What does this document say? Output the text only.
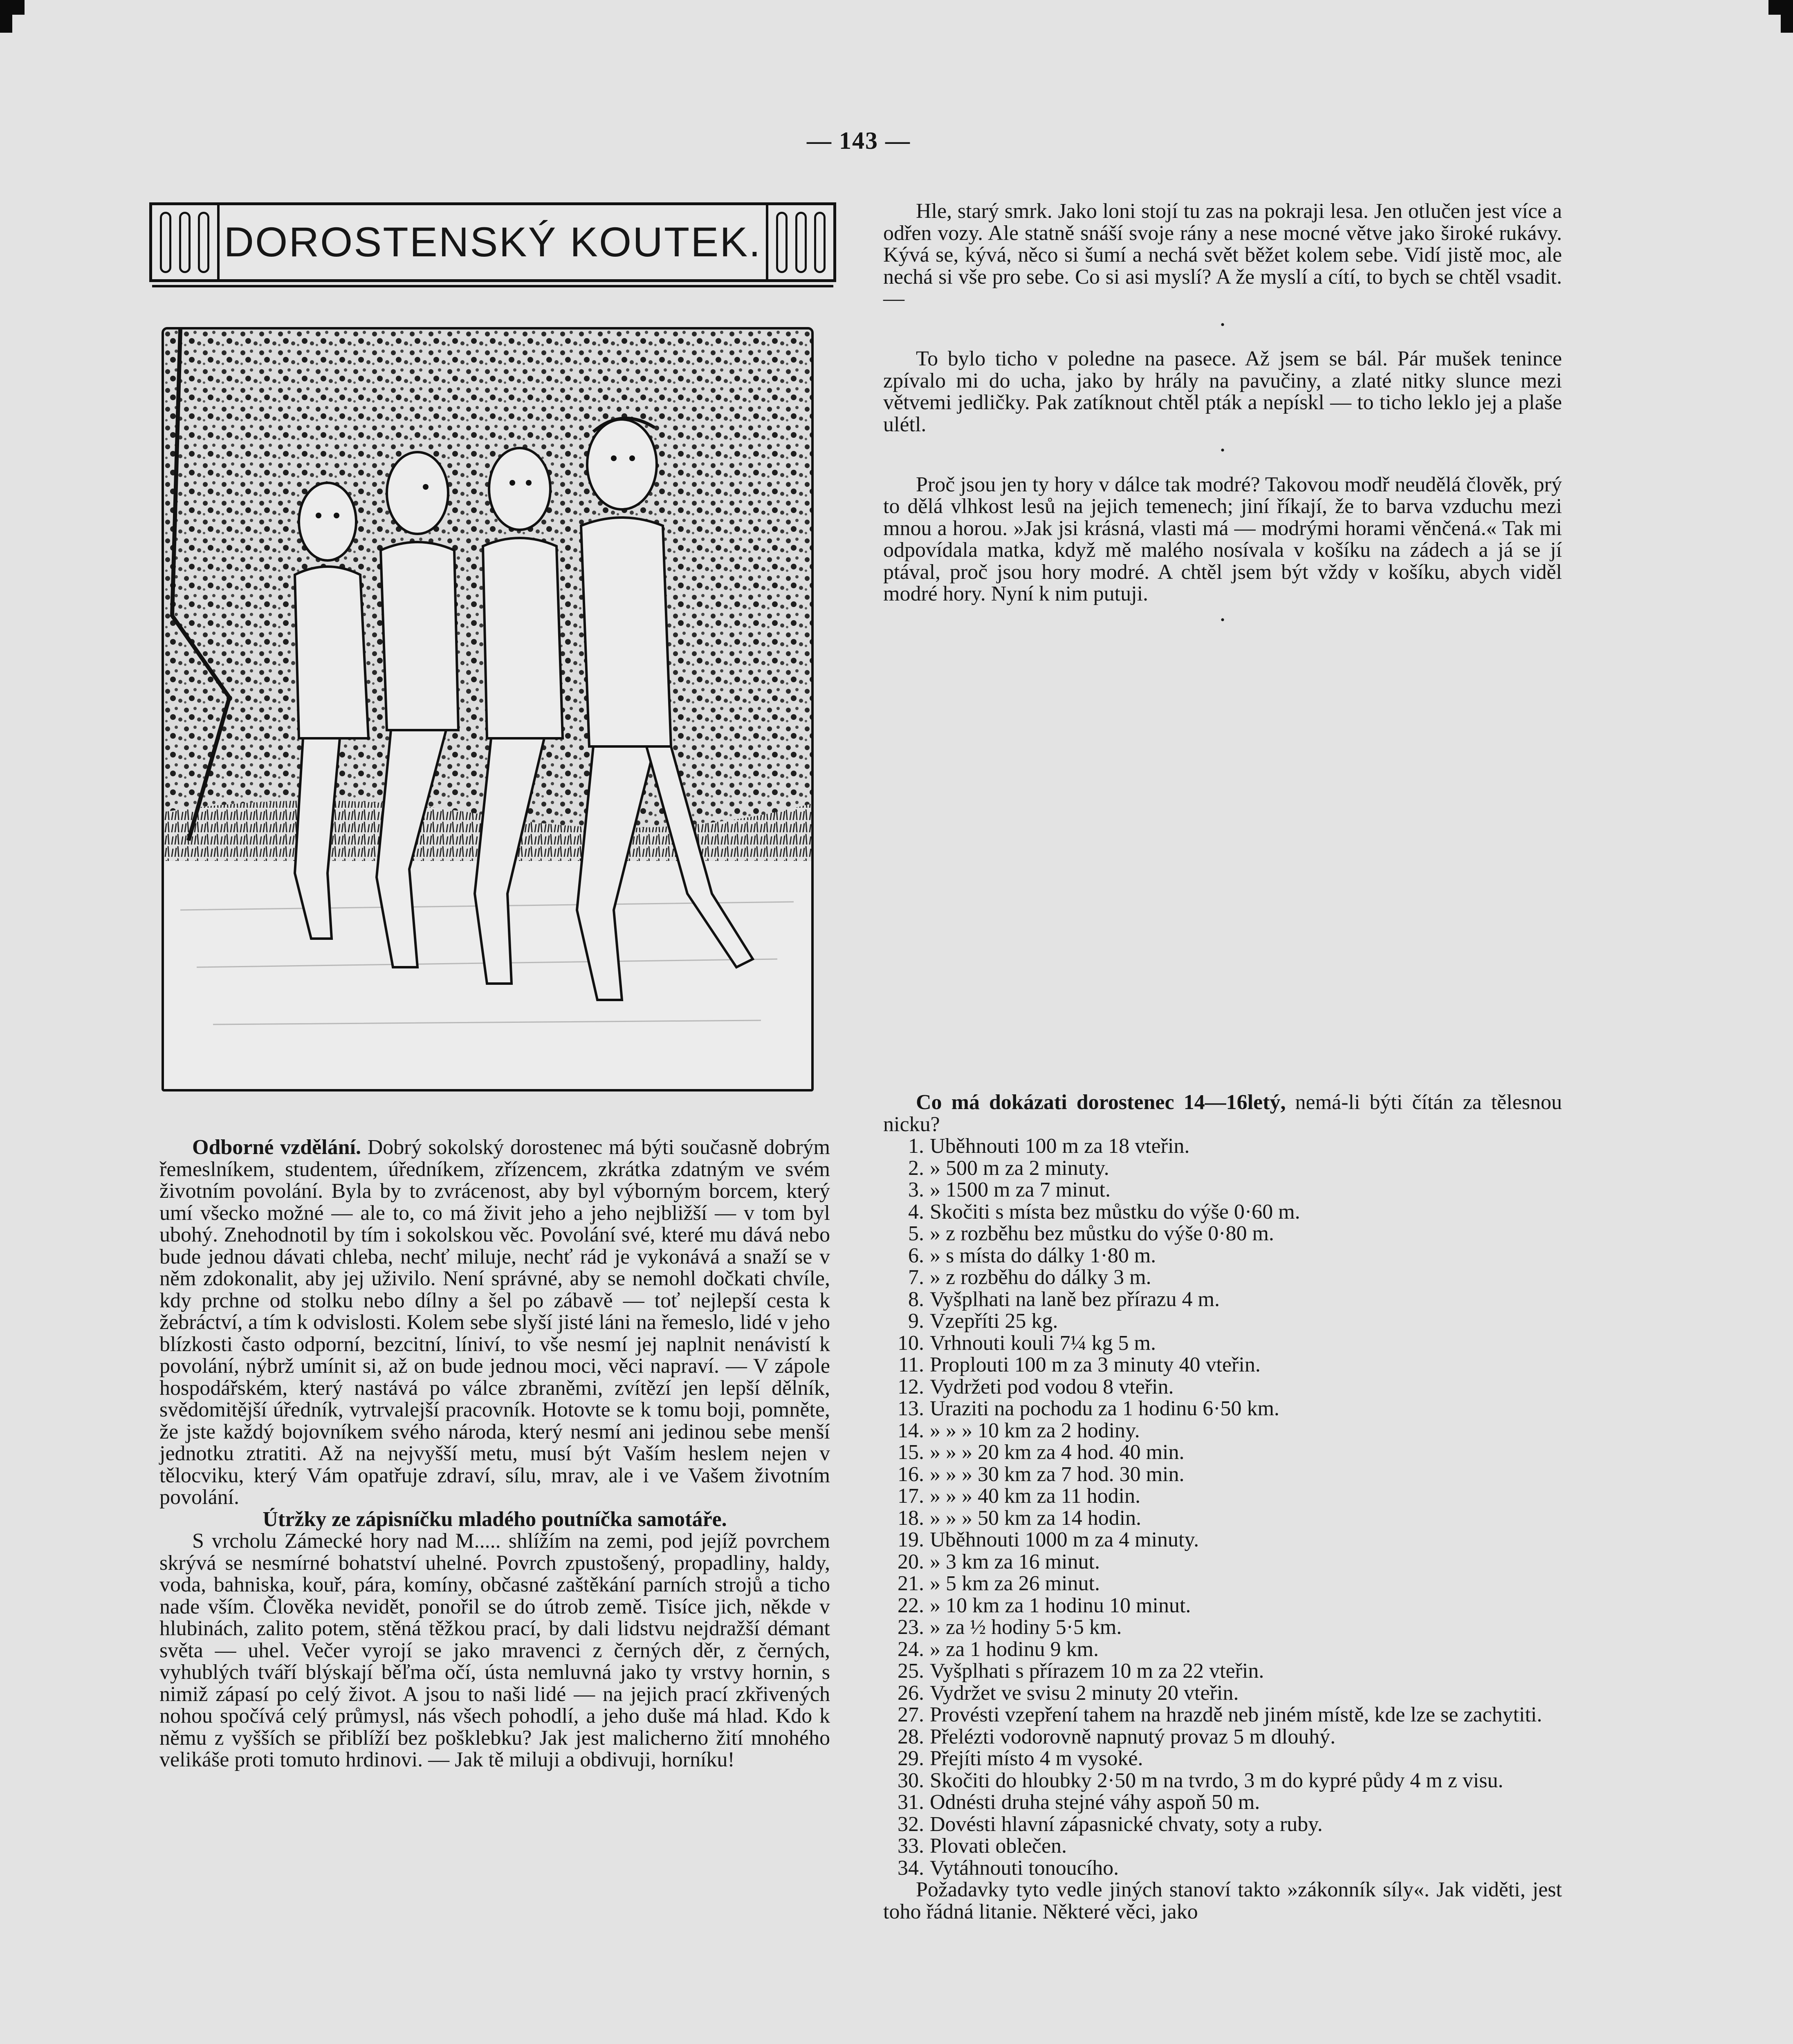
— 143 —
DOROSTENSKÝ KOUTEK.

Hle, starý smrk. Jako loni stojí tu zas na pokraji lesa. Jen otlučen jest více a odřen vozy. Ale statně snáší svoje rány a nese mocné větve jako široké rukávy. Kývá se, kývá, něco si šumí a nechá svět běžet kolem sebe. Vidí jistě moc, ale nechá si vše pro sebe. Co si asi myslí? A že myslí a cítí, to bych se chtěl vsadit. —

•

To bylo ticho v poledne na pasece. Až jsem se bál. Pár mušek tenince zpívalo mi do ucha, jako by hrály na pavučiny, a zlaté nitky slunce mezi větvemi jedličky. Pak zatíknout chtěl pták a nepískl — to ticho leklo jej a plaše ulétl.

•

Proč jsou jen ty hory v dálce tak modré? Takovou modř neudělá člověk, prý to dělá vlhkost lesů na jejich temenech; jiní říkají, že to barva vzduchu mezi mnou a horou. »Jak jsi krásná, vlasti má — modrými horami věnčená.« Tak mi odpovídala matka, když mě malého nosívala v košíku na zádech a já se jí ptával, proč jsou hory modré. A chtěl jsem být vždy v košíku, abych viděl modré hory. Nyní k nim putuji.

•

Odborné vzdělání. Dobrý sokolský dorostenec má býti současně dobrým řemeslníkem, studentem, úředníkem, zřízencem, zkrátka zdatným ve svém životním povolání. Byla by to zvrácenost, aby byl výborným borcem, který umí všecko možné — ale to, co má živit jeho a jeho nejbližší — v tom byl ubohý. Znehodnotil by tím i sokolskou věc. Povolání své, které mu dává nebo bude jednou dávati chleba, nechť miluje, nechť rád je vykonává a snaží se v něm zdokonalit, aby jej uživilo. Není správné, aby se nemohl dočkati chvíle, kdy prchne od stolku nebo dílny a šel po zábavě — toť nejlepší cesta k žebráctví, a tím k odvislosti. Kolem sebe slyší jisté láni na řemeslo, lidé v jeho blízkosti často odporní, bezcitní, líniví, to vše nesmí jej naplnit nenávistí k povolání, nýbrž umínit si, až on bude jednou moci, věci napraví. — V zápole hospodářském, který nastává po válce zbraněmi, zvítězí jen lepší dělník, svědomitější úředník, vytrvalejší pracovník. Hotovte se k tomu boji, pomněte, že jste každý bojovníkem svého národa, který nesmí ani jedinou sebe menší jednotku ztratiti. Až na nejvyšší metu, musí být Vaším heslem nejen v tělocviku, který Vám opatřuje zdraví, sílu, mrav, ale i ve Vašem životním povolání.

Útržky ze zápisníčku mladého poutníčka samotáře.

S vrcholu Zámecké hory nad M..... shlížím na zemi, pod jejíž povrchem skrývá se nesmírné bohatství uhelné. Povrch zpustošený, propadliny, haldy, voda, bahniska, kouř, pára, komíny, občasné zaštěkání parních strojů a ticho nade vším. Člověka nevidět, ponořil se do útrob země. Tisíce jich, někde v hlubinách, zalito potem, stěná těžkou prací, by dali lidstvu nejdražší démant světa — uhel. Večer vyrojí se jako mravenci z černých děr, z černých, vyhublých tváří blýskají běľma očí, ústa nemluvná jako ty vrstvy hornin, s nimiž zápasí po celý život. A jsou to naši lidé — na jejich prací zkřivených nohou spočívá celý průmysl, nás všech pohodlí, a jeho duše má hlad. Kdo k němu z vyšších se přiblíží bez pošklebku? Jak jest malicherno žití mnohého velikáše proti tomuto hrdinovi. — Jak tě miluji a obdivuji, horníku!

Co má dokázati dorostenec 14—16letý, nemá-li býti čítán za tělesnou nicku?

1. Uběhnouti 100 m za 18 vteřin.
2. » 500 m za 2 minuty.
3. » 1500 m za 7 minut.
4. Skočiti s místa bez můstku do výše 0·60 m.
5. » z rozběhu bez můstku do výše 0·80 m.
6. » s místa do dálky 1·80 m.
7. » z rozběhu do dálky 3 m.
8. Vyšplhati na laně bez přírazu 4 m.
9. Vzepříti 25 kg.
10. Vrhnouti kouli 7¼ kg 5 m.
11. Proplouti 100 m za 3 minuty 40 vteřin.
12. Vydržeti pod vodou 8 vteřin.
13. Uraziti na pochodu za 1 hodinu 6·50 km.
14. » » » 10 km za 2 hodiny.
15. » » » 20 km za 4 hod. 40 min.
16. » » » 30 km za 7 hod. 30 min.
17. » » » 40 km za 11 hodin.
18. » » » 50 km za 14 hodin.
19. Uběhnouti 1000 m za 4 minuty.
20. » 3 km za 16 minut.
21. » 5 km za 26 minut.
22. » 10 km za 1 hodinu 10 minut.
23. » za ½ hodiny 5·5 km.
24. » za 1 hodinu 9 km.
25. Vyšplhati s přírazem 10 m za 22 vteřin.
26. Vydržet ve svisu 2 minuty 20 vteřin.
27. Provésti vzepření tahem na hrazdě neb jiném místě, kde lze se zachytiti.
28. Přelézti vodorovně napnutý provaz 5 m dlouhý.
29. Přejíti místo 4 m vysoké.
30. Skočiti do hloubky 2·50 m na tvrdo, 3 m do kypré půdy 4 m z visu.
31. Odnésti druha stejné váhy aspoň 50 m.
32. Dovésti hlavní zápasnické chvaty, soty a ruby.
33. Plovati oblečen.
34. Vytáhnouti tonoucího.

Požadavky tyto vedle jiných stanoví takto »zákonník síly«. Jak viděti, jest toho řádná litanie. Některé věci, jako
